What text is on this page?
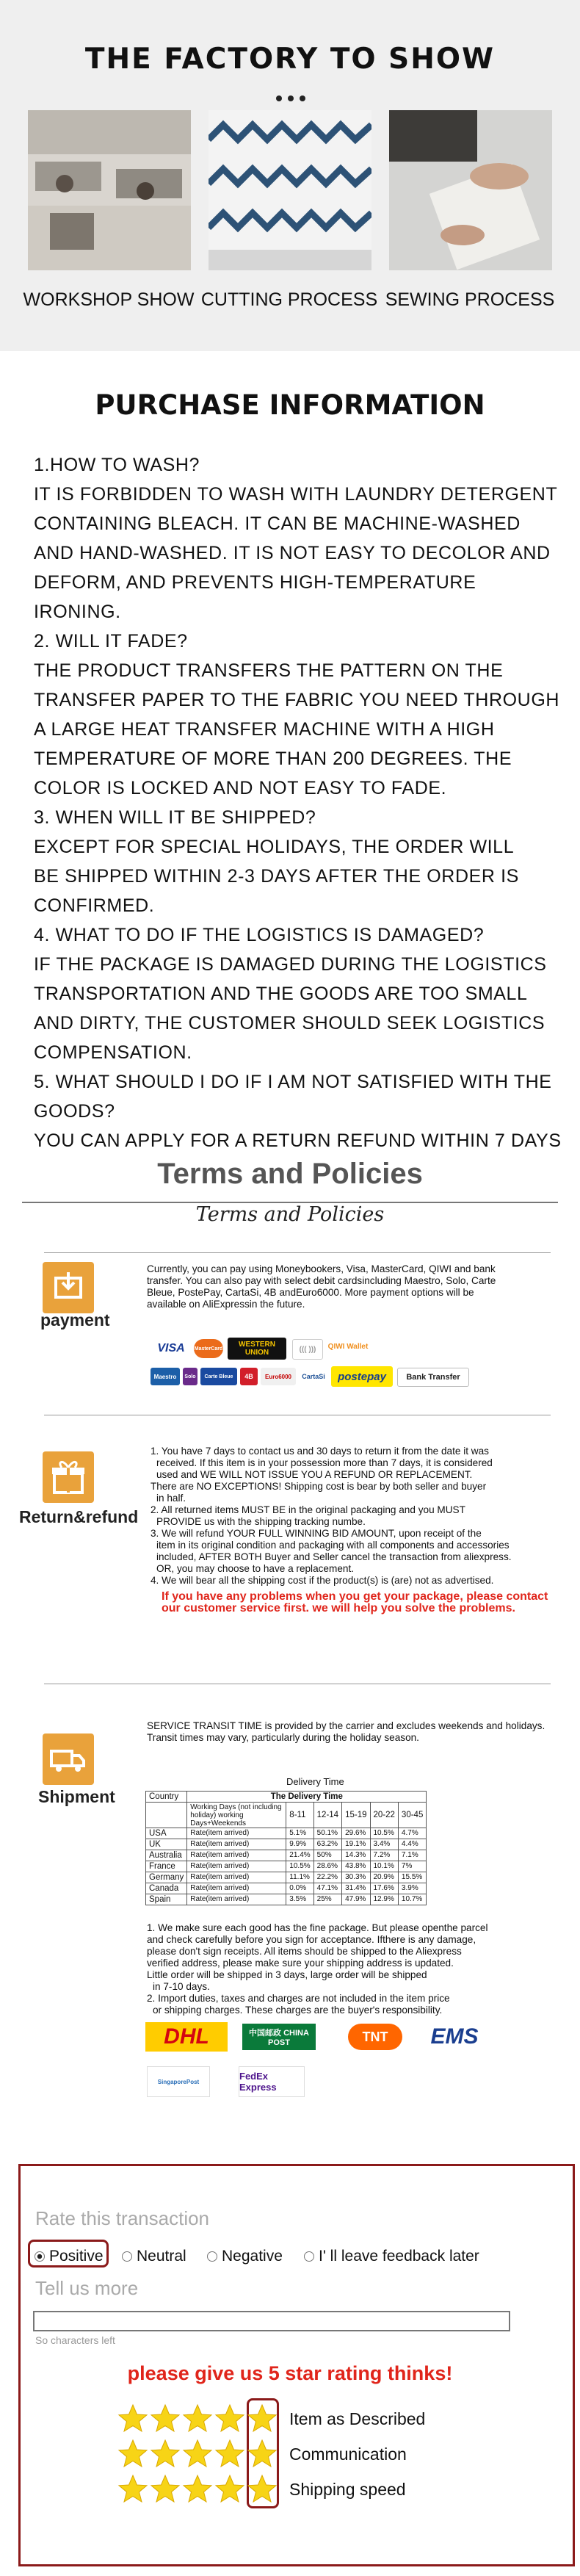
THE FACTORY TO SHOW
WORKSHOP SHOW CUTTING PROCESS SEWING PROCESS
PURCHASE INFORMATION

1.HOW TO WASH?

IT IS FORBIDDEN TO WASH WITH LAUNDRY DETERGENT

CONTAINING BLEACH. IT CAN BE MACHINE-WASHED

AND HAND-WASHED. IT IS NOT EASY TO DECOLOR AND

DEFORM, AND PREVENTS HIGH-TEMPERATURE IRONING.

2. WILL IT FADE?

THE PRODUCT TRANSFERS THE PATTERN ON THE

TRANSFER PAPER TO THE FABRIC YOU NEED THROUGH

A LARGE HEAT TRANSFER MACHINE WITH A HIGH

TEMPERATURE OF MORE THAN 200 DEGREES. THE

COLOR IS LOCKED AND NOT EASY TO FADE.

3. WHEN WILL IT BE SHIPPED?

EXCEPT FOR SPECIAL HOLIDAYS, THE ORDER WILL

BE SHIPPED WITHIN 2-3 DAYS AFTER THE ORDER IS

CONFIRMED.

4. WHAT TO DO IF THE LOGISTICS IS DAMAGED?

IF THE PACKAGE IS DAMAGED DURING THE LOGISTICS

TRANSPORTATION AND THE GOODS ARE TOO SMALL

AND DIRTY, THE CUSTOMER SHOULD SEEK LOGISTICS

COMPENSATION.

5. WHAT SHOULD I DO IF I AM NOT SATISFIED WITH THE

GOODS?

YOU CAN APPLY FOR A RETURN REFUND WITHIN 7 DAYS

Terms and Policies
Terms and Policies
payment
Currently, you can pay using Moneybookers, Visa, MasterCard, QIWI and bank transfer. You can also pay with select debit cardsincluding Maestro, Solo, Carte Bleue, PostePay, CartaSi, 4B andEuro6000. More payment options will be available on AliExpressin the future.
VISA	MasterCard	WESTERN UNION	((( )))	QIWI Wallet
Maestro	Solo	Carte Bleue	4B	Euro6000	CartaSi	postepay	Bank Transfer
Return&refund

1. You have 7 days to contact us and 30 days to return it from the date it was

received. If this item is in your possession more than 7 days, it is considered

used and WE WILL NOT ISSUE YOU A REFUND OR REPLACEMENT.

There are NO EXCEPTIONS! Shipping cost is bear by both seller and buyer

in half.

2. All returned items MUST BE in the original packaging and you MUST

PROVIDE us with the shipping tracking numbe.

3. We will refund YOUR FULL WINNING BID AMOUNT, upon receipt of the

item in its original condition and packaging with all components and accessories

included, AFTER BOTH Buyer and Seller cancel the transaction from aliexpress.

OR, you may choose to have a replacement.

4. We will bear all the shipping cost if the product(s) is (are) not as advertised.

If you have any problems when you get your package, please contact our customer service first. we will help you solve the problems.
Shipment
SERVICE TRANSIT TIME is provided by the carrier and excludes weekends and holidays. Transit times may vary, particularly during the holiday season.
Delivery Time
Country	The Delivery Time					
	Working Days (not including holiday) working Days+Weekends	8-11	12-14	15-19	20-22	30-45
USA	Rate(item arrived)	5.1%	50.1%	29.6%	10.5%	4.7%
UK	Rate(item arrived)	9.9%	63.2%	19.1%	3.4%	4.4%
Australia	Rate(item arrived)	21.4%	50%	14.3%	7.2%	7.1%
France	Rate(item arrived)	10.5%	28.6%	43.8%	10.1%	7%
Germany	Rate(item arrived)	11.1%	22.2%	30.3%	20.9%	15.5%
Canada	Rate(item arrived)	0.0%	47.1%	31.4%	17.6%	3.9%
Spain	Rate(item arrived)	3.5%	25%	47.9%	12.9%	10.7%

1. We make sure each good has the fine package. But please openthe parcel

and check carefully before you sign for acceptance. Ifthere is any damage,

please don't sign receipts. All items should be shipped to the Aliexpress

verified address, please make sure your shipping address is updated.

Little order will be shipped in 3 days, large order will be shipped

in 7-10 days.

2. Import duties, taxes and charges are not included in the item price

or shipping charges. These charges are the buyer's responsibility.

DHL	中国邮政 CHINA POST	TNT	EMS
SingaporePost	FedEx Express
Rate this transaction
Positive Neutral Negative I' ll leave feedback later
Tell us more
So characters left
please give us 5 star rating thinks!
Item as Described
Communication
Shipping speed
